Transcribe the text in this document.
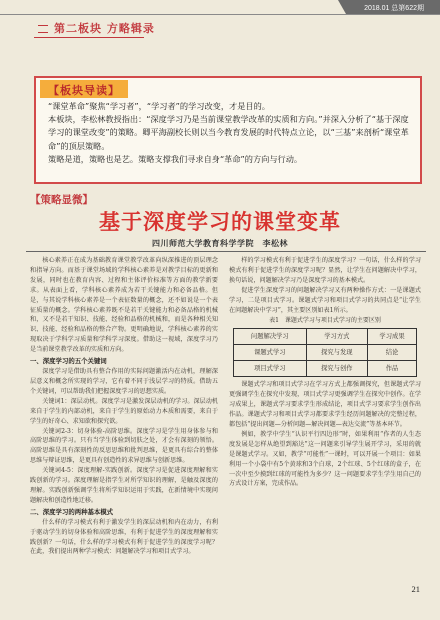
2018.01 总第622期
第二板块 方略辑录
【板块导读】

“课堂革命”聚焦“学习者”，“学习者”的学习改变，才是目的。

本板块，李松林教授指出：“深度学习乃是当前课堂教学改革的实质和方向。”并深入分析了“基于深度学习的课堂改变”的策略。卿平海副校长则以当今教育发展的时代特点立论，以“三基”来剖析“课堂革命”的顶层策略。

策略是道，策略也是艺。策略支撑我们寻求自身“革命”的方向与行动。

【策略显微】
基于深度学习的课堂变革
四川师范大学教育科学学院　李松林

核心素养正在成为基础教育课堂教学改革向纵深推进的顶层理念和指导方向。而基于课堂场域的学科核心素养是对教学目标的更新和发展，同时也在教育内容、过程和主体评价标准等方面的教学新要求。从表面上看，学科核心素养成为若干关键能力和必备品格。但是，与其说学科核心素养是一个表征数量的概念，还不如说是一个表征质量的概念。学科核心素养既不是若干关键能力和必备品格的机械和，又不是若干知识、技能、经验和品格的机械和，而是各种相关知识、技能、经验和品格的整合产物。更明确地说，学科核心素养的实现取决于学科学习质量和学科学习深度。借助这一视域，深度学习乃是当前课堂教学改革的实质和方向。

一、深度学习的五个关键词

深度学习是借助具有整合作用的实际问题激活内在动机，理解深层意义和概念所实现的学习，它有着不同于浅层学习的特质。借助五个关键词，可以帮助我们把握深度学习的思想实质。

关键词1：深层动机。深度学习是激发深层动机的学习。深层动机来自于学生的内部动机，来自于学生的原始动力本质和需要，来自于学生的好奇心、求知欲和探究欲。

关键词2-3：切身体验-高阶思维。深度学习是学生用身体参与和高阶思维的学习。只有当学生体验到切肤之处，才会有深刻的领悟。高阶思维是具有深刻性的反思思维和批判思维，是更具有综合的整体思维与辩证思维，是更具有创造性的求异思维与创新思维。

关键词4-5：深度理解-实践创新。深度学习是促进深度理解和实践创新的学习。深度理解是指学生对所学知识的理解，是触及深度的理解。实践创新强调学生将所学知识运用于实践，在新情境中实现问题解决和创造性地迁移。

二、深度学习的两种基本模式

什么样的学习模式有利于激发学生的深层动机和内在动力，有利于驱动学生的切身体验和高阶思维，有利于促进学生的深度理解和实践创新？一句话，什么样的学习模式有利于促进学生的深度学习呢？在此，我们提出两种学习模式：问题解决学习和项目式学习。

样的学习模式有利于促进学生的深度学习？一句话，什么样的学习模式有利于促进学生的深度学习呢？显然，让学生在问题解决中学习，换句话说，问题解决学习乃是深度学习的基本模式。

促进学生深度学习的问题解决学习又有两种操作方式：一是课题式学习，二是项目式学习。课题式学习和项目式学习的共同点是“让学生在问题解决中学习”，其主要区别如表1所示。

表1　课题式学习与项目式学习的主要区别
问题解决学习	学习方式	学习成果
课题式学习	探究与发现	结论
项目式学习	探究与创作	作品

课题式学习和项目式学习在学习方式上都强调探究，但课题式学习更强调学生在探究中发现，项目式学习更强调学生在探究中创作。在学习成果上，课题式学习要求学生形成结论，项目式学习要求学生创作出作品。课题式学习和项目式学习都要求学生经历问题解决的完整过程，都包括“提出问题—分析问题—解决问题—表达交流”等基本环节。

例如，教学中学生“认识平行四边形”时，如果利用“作者的人生态度发展是怎样从绝望到豁达”这一问题来引导学生展开学习，采用的就是课题式学习。又如，教学“可能性”一课时，可以开展一个项目：如果利用一个小袋中有5个黄球和3个白球，2个红球、5个红球的盒子，在一次中至少摸到红球的可能性为多少？这一问题要求学生学生用自己的方式设计方案，完成作品。

21
